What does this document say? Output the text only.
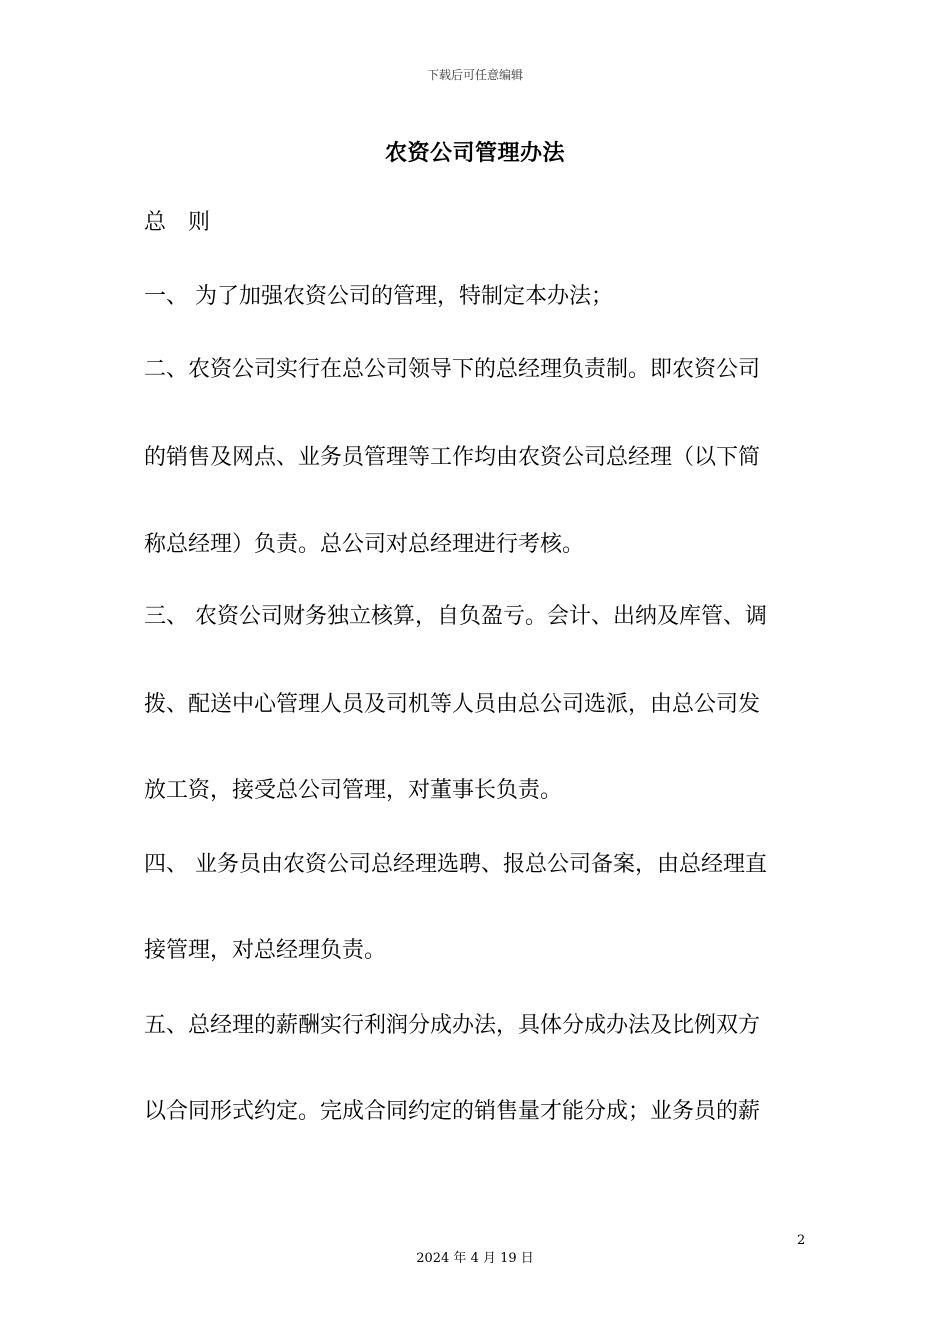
下载后可任意编辑
农资公司管理办法
总　则
一、 为了加强农资公司的管理，特制定本办法；
二、农资公司实行在总公司领导下的总经理负责制。即农资公司
的销售及网点、业务员管理等工作均由农资公司总经理（以下简
称总经理）负责。总公司对总经理进行考核。
三、 农资公司财务独立核算，自负盈亏。会计、出纳及库管、调
拨、配送中心管理人员及司机等人员由总公司选派，由总公司发
放工资，接受总公司管理，对董事长负责。
四、 业务员由农资公司总经理选聘、报总公司备案，由总经理直
接管理，对总经理负责。
五、总经理的薪酬实行利润分成办法，具体分成办法及比例双方
以合同形式约定。完成合同约定的销售量才能分成；业务员的薪
2
2024 年 4 月 19 日
